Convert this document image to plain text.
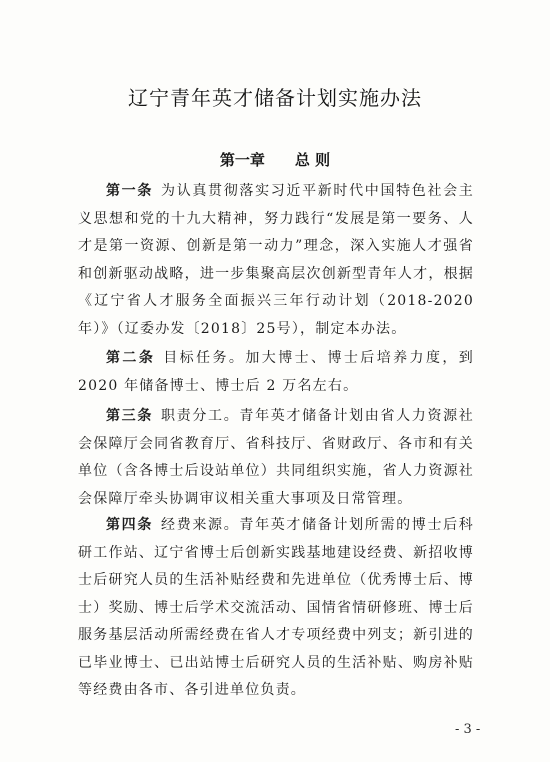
辽宁青年英才储备计划实施办法
第一章 总 则
第一条 为认真贯彻落实习近平新时代中国特色社会主义思想和党的十九大精神，努力践行“发展是第一要务、人才是第一资源、创新是第一动力”理念，深入实施人才强省和创新驱动战略，进一步集聚高层次创新型青年人才，根据《辽宁省人才服务全面振兴三年行动计划（2018-2020 年）》（辽委办发〔2018〕25号），制定本办法。
第二条 目标任务。加大博士、博士后培养力度，到 2020 年储备博士、博士后 2 万名左右。
第三条 职责分工。青年英才储备计划由省人力资源社会保障厅会同省教育厅、省科技厅、省财政厅、各市和有关单位（含各博士后设站单位）共同组织实施，省人力资源社会保障厅牵头协调审议相关重大事项及日常管理。
第四条 经费来源。青年英才储备计划所需的博士后科研工作站、辽宁省博士后创新实践基地建设经费、新招收博士后研究人员的生活补贴经费和先进单位（优秀博士后、博士）奖励、博士后学术交流活动、国情省情研修班、博士后服务基层活动所需经费在省人才专项经费中列支；新引进的已毕业博士、已出站博士后研究人员的生活补贴、购房补贴等经费由各市、各引进单位负责。
- 3 -
